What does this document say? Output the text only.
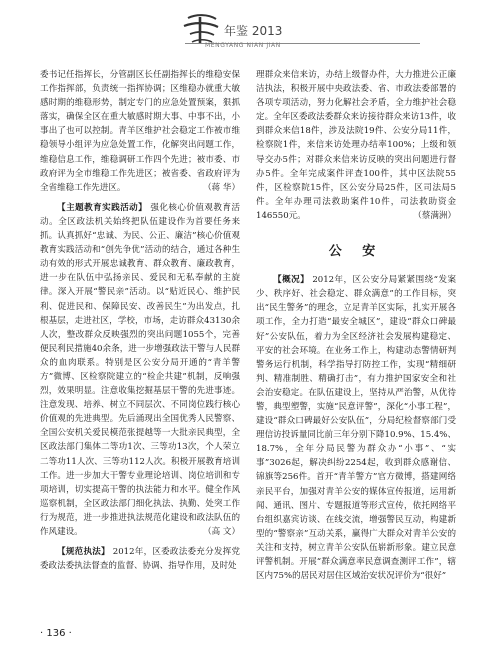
年鉴 2013
MENGYANG NIAN JIAN

委书记任指挥长，分管副区长任副指挥长的维稳安保工作指挥部，负责统一指挥协调；区维稳办就重大敏感时期的维稳形势，制定专门的应急处置预案，狠抓落实，确保全区在重大敏感时期大事、中事不出，小事出了也可以控制。青羊区维护社会稳定工作被市维稳领导小组评为应急处置工作，化解突出问题工作，维稳信息工作，维稳调研工作四个先进；被市委、市政府评为全市维稳工作先进区；被省委、省政府评为全省维稳工作先进区。	（蒋 华）

【主题教育实践活动】 强化核心价值观教育活动。全区政法机关始终把队伍建设作为首要任务来抓。认真抓好“忠诚、为民、公正、廉洁”核心价值观教育实践活动和“创先争优”活动的结合，通过各种生动有效的形式开展忠诚教育、群众教育、廉政教育，进一步在队伍中弘扬亲民、爱民和无私奉献的主旋律。深入开展“警民亲”活动。以“贴近民心、维护民利、促进民和、保障民安、改善民生”为出发点，扎根基层，走进社区，学校，市场，走访群众43130余人次，整改群众反映强烈的突出问题1055个，完善便民利民措施40余条，进一步增强政法干警与人民群众的血肉联系。特别是区公安分局开通的“青羊警方”微博、区检察院建立的“检企共建”机制，反响强烈，效果明显。注意收集挖掘基层干警的先进事迹。注意发现、培养、树立不同层次、不同岗位践行核心价值观的先进典型。先后涌现出全国优秀人民警察、全国公安机关爱民模范张提越等一大批亲民典型，全区政法部门集体二等功1次、三等功13次，个人荣立二等功11人次、三等功112人次。积极开展教育培训工作。进一步加大干警专业理论培训、岗位培训和专项培训，切实提高干警的执法能力和水平。健全作风巡察机制，全区政法部门细化执法、执勤、处突工作行为规范，进一步推进执法规范化建设和政法队伍的作风建设。	（高 文）

【规范执法】 2012年，区委政法委充分发挥党委政法委执法督查的监督、协调、指导作用，及时处

理群众来信来访，办结上级督办件，大力推进公正廉洁执法，积极开展中央政法委、省、市政法委部署的各项专项活动，努力化解社会矛盾，全力维护社会稳定。全年区委政法委群众来访接待群众来访13件，收到群众来信18件，涉及法院19件、公安分局11件，检察院1件，来信来访处理办结率100%；上级和领导交办5件；对群众来信来访反映的突出问题进行督办5件。全年完成案件评查100件，其中区法院55件，区检察院15件，区公安分局25件，区司法局5件。全年办理司法救助案件10件，司法救助资金146550元。	（蔡满洲）

公 安

【概况】 2012年，区公安分局紧紧围绕“发案少、秩序好、社会稳定、群众满意”的工作目标，突出“民生警务”的理念，立足青羊区实际，扎实开展各项工作，全力打造“最安全城区”，建设“群众口碑最好”公安队伍，着力为全区经济社会发展构建稳定、平安的社会环境。在业务工作上，构建动态警情研判警务运行机制，科学指导打防控工作，实现“精细研判、精准制胜、精确打击”，有力推护国家安全和社会治安稳定。在队伍建设上，坚持从严治警，从优待警，典型塑警，实施“民意评警”，深化“小事工程”，建设“群众口碑最好公安队伍”，分局纪检督察部门受理信访投诉量同比前三年分别下降10.9%、15.4%、18.7%，全年分局民警为群众办“小事”、“实事”3026起，解决纠纷2254起，收到群众感谢信、锦旗等256件。首开“青羊警方”官方微博，搭建网络亲民平台，加强对青羊公安的媒体宣传报道，运用新闻、通讯、图片、专题报道等形式宣传，依托网络平台组织嘉宾访谈、在线交流，增强警民互动，构建新型的“警察亲”互动关系，赢得广大群众对青羊公安的关注和支持，树立青羊公安队伍崭新形象。建立民意评警机制。开展“群众满意率民意调查测评工作”，辖区内75%的居民对居住区域治安状况评价为“很好”

· 136 ·
